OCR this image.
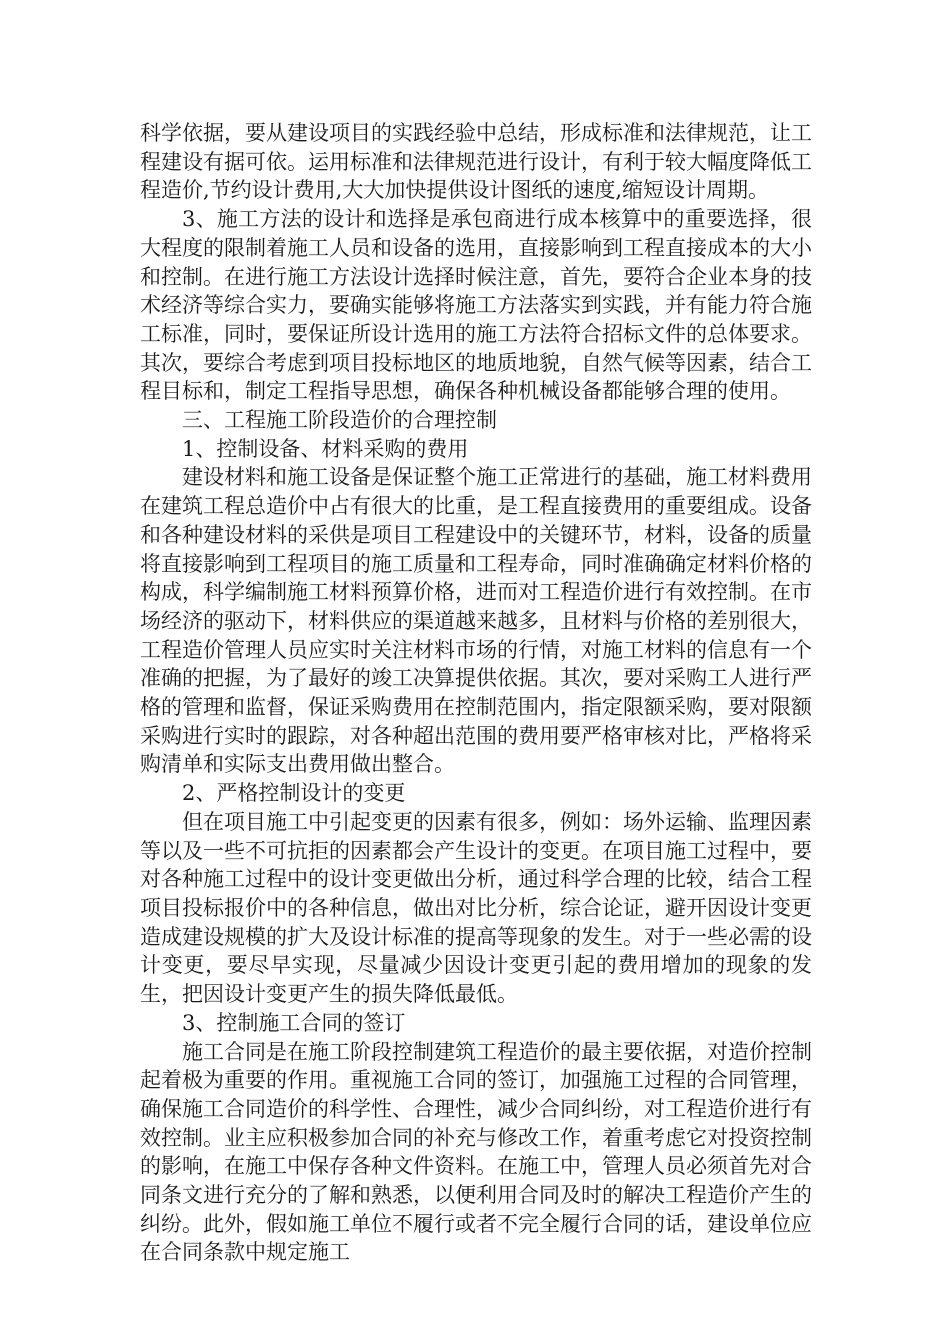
科学依据，要从建设项目的实践经验中总结，形成标准和法律规范，让工程建设有据可依。运用标准和法律规范进行设计，有利于较大幅度降低工程造价,节约设计费用,大大加快提供设计图纸的速度,缩短设计周期。

3、施工方法的设计和选择是承包商进行成本核算中的重要选择，很大程度的限制着施工人员和设备的选用，直接影响到工程直接成本的大小和控制。在进行施工方法设计选择时候注意，首先，要符合企业本身的技术经济等综合实力，要确实能够将施工方法落实到实践，并有能力符合施工标准，同时，要保证所设计选用的施工方法符合招标文件的总体要求。其次，要综合考虑到项目投标地区的地质地貌，自然气候等因素，结合工程目标和，制定工程指导思想，确保各种机械设备都能够合理的使用。

三、工程施工阶段造价的合理控制

1、控制设备、材料采购的费用

建设材料和施工设备是保证整个施工正常进行的基础，施工材料费用在建筑工程总造价中占有很大的比重，是工程直接费用的重要组成。设备和各种建设材料的采供是项目工程建设中的关键环节，材料，设备的质量将直接影响到工程项目的施工质量和工程寿命，同时准确确定材料价格的构成，科学编制施工材料预算价格，进而对工程造价进行有效控制。在市场经济的驱动下，材料供应的渠道越来越多，且材料与价格的差别很大，工程造价管理人员应实时关注材料市场的行情，对施工材料的信息有一个准确的把握，为了最好的竣工决算提供依据。其次，要对采购工人进行严格的管理和监督，保证采购费用在控制范围内，指定限额采购，要对限额采购进行实时的跟踪，对各种超出范围的费用要严格审核对比，严格将采购清单和实际支出费用做出整合。

2、严格控制设计的变更

但在项目施工中引起变更的因素有很多，例如：场外运输、监理因素等以及一些不可抗拒的因素都会产生设计的变更。在项目施工过程中，要对各种施工过程中的设计变更做出分析，通过科学合理的比较，结合工程项目投标报价中的各种信息，做出对比分析，综合论证，避开因设计变更造成建设规模的扩大及设计标准的提高等现象的发生。对于一些必需的设计变更，要尽早实现，尽量减少因设计变更引起的费用增加的现象的发生，把因设计变更产生的损失降低最低。

3、控制施工合同的签订

施工合同是在施工阶段控制建筑工程造价的最主要依据，对造价控制起着极为重要的作用。重视施工合同的签订，加强施工过程的合同管理，确保施工合同造价的科学性、合理性，减少合同纠纷，对工程造价进行有效控制。业主应积极参加合同的补充与修改工作，着重考虑它对投资控制的影响，在施工中保存各种文件资料。在施工中，管理人员必须首先对合同条文进行充分的了解和熟悉，以便利用合同及时的解决工程造价产生的纠纷。此外，假如施工单位不履行或者不完全履行合同的话，建设单位应在合同条款中规定施工
